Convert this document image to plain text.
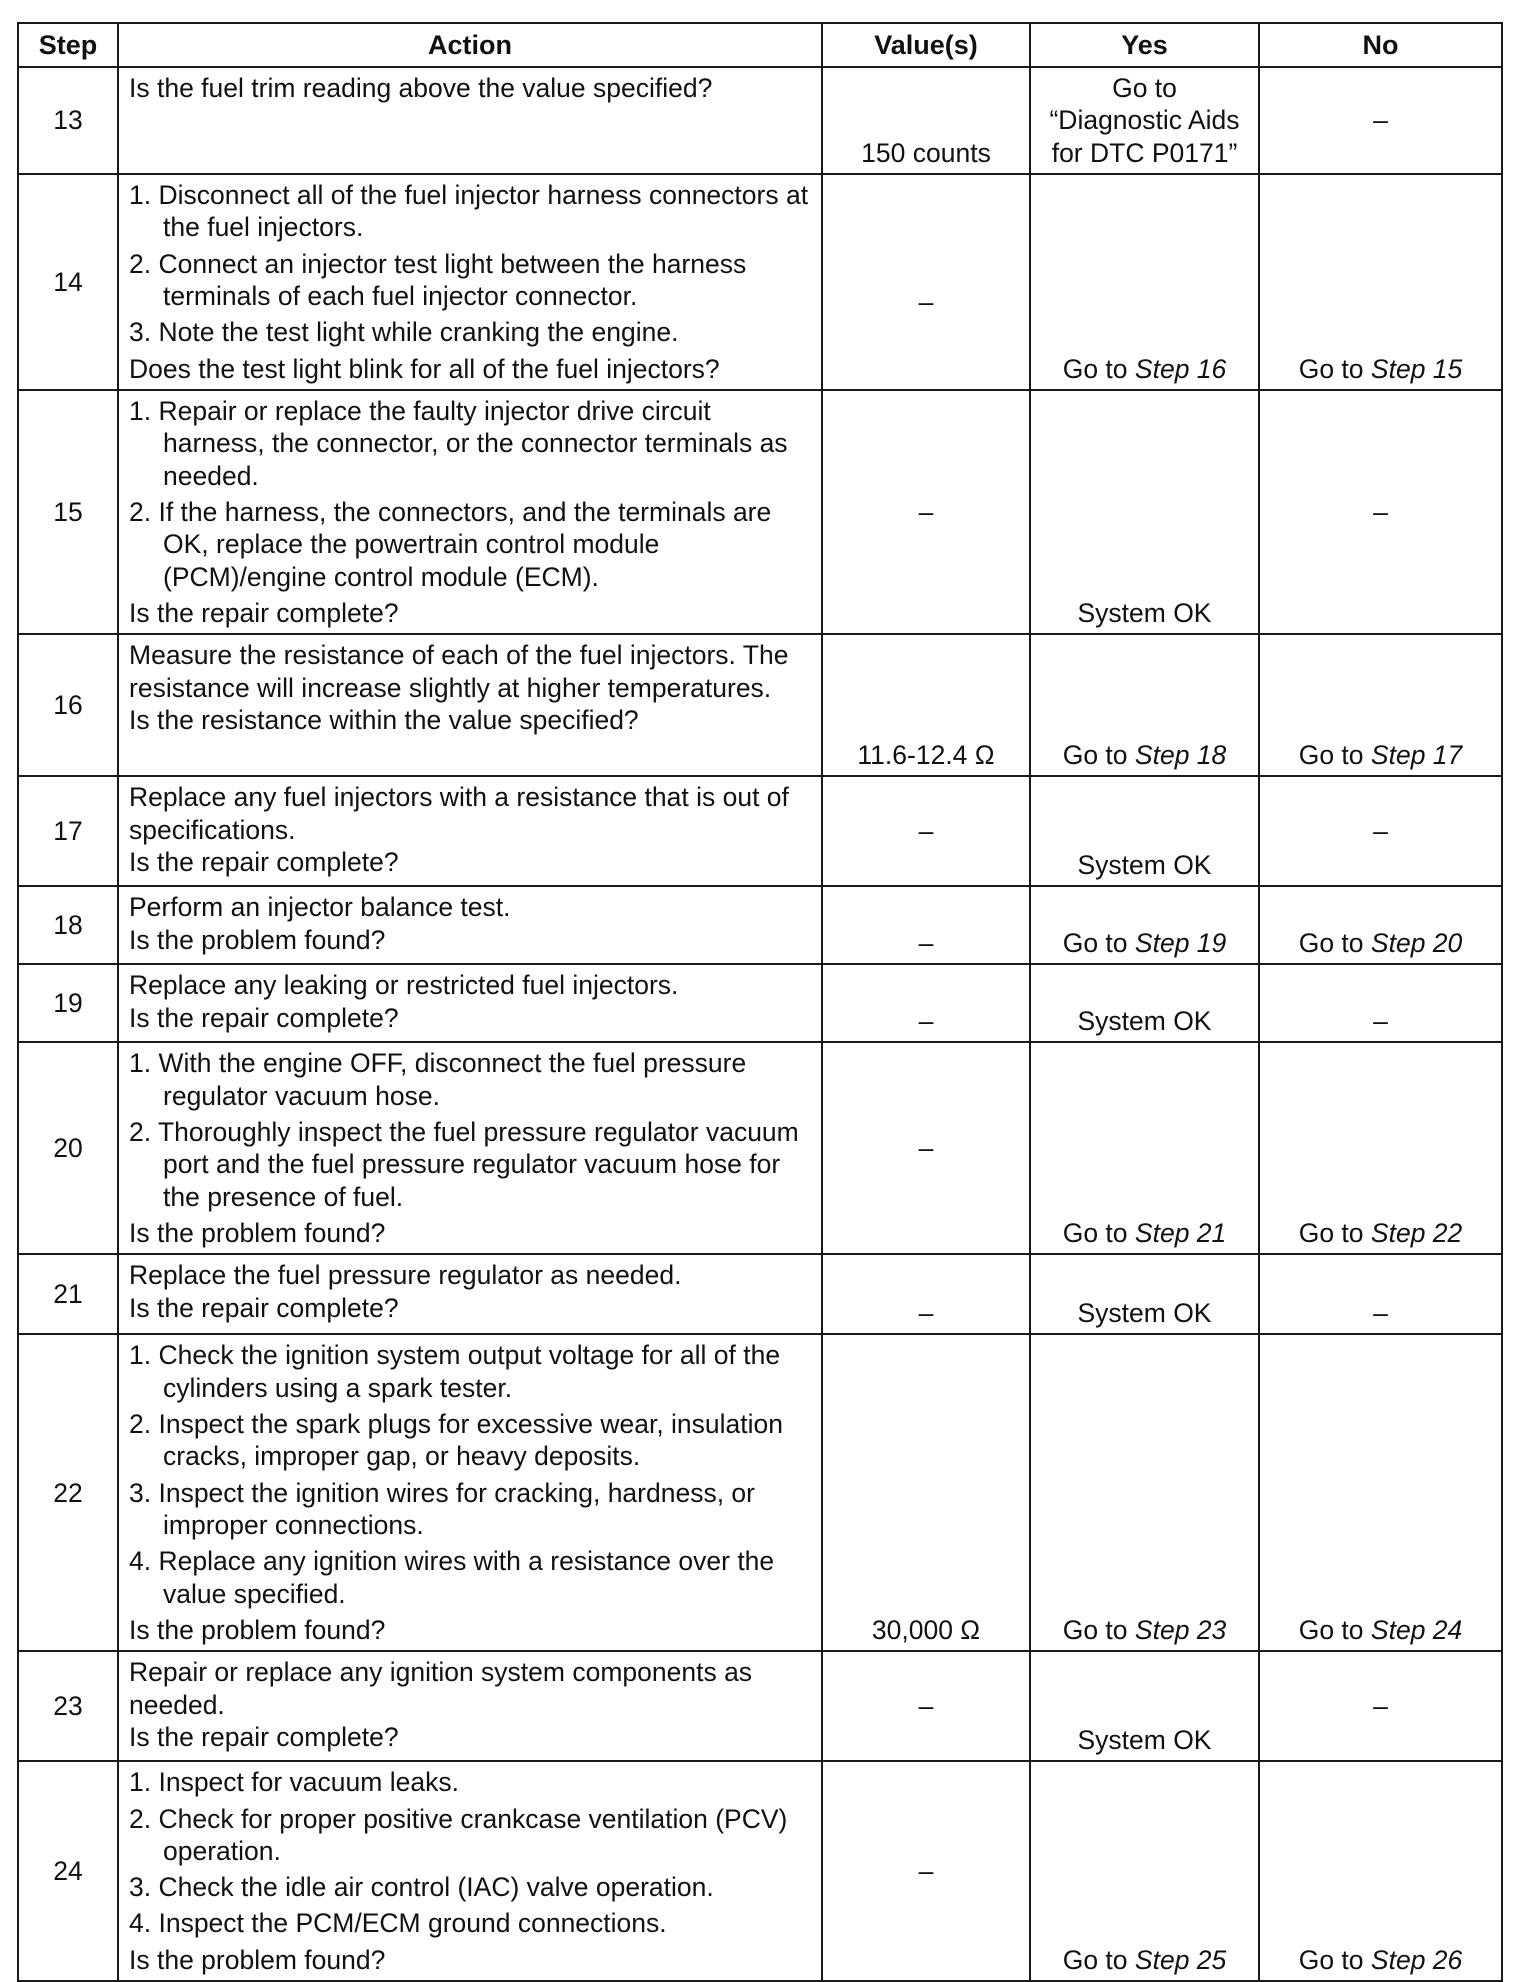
Step	Action	Value(s)	Yes	No
13	Is the fuel trim reading above the value specified?	150 counts	Go to
“Diagnostic Aids
for DTC P0171”	–
14	1. Disconnect all of the fuel injector harness connectors at the fuel injectors.
2. Connect an injector test light between the harness terminals of each fuel injector connector.
3. Note the test light while cranking the engine.
Does the test light blink for all of the fuel injectors?	–	Go to Step 16	Go to Step 15
15	1. Repair or replace the faulty injector drive circuit harness, the connector, or the connector terminals as needed.
2. If the harness, the connectors, and the terminals are OK, replace the powertrain control module (PCM)/engine control module (ECM).
Is the repair complete?	–	System OK	–
16	Measure the resistance of each of the fuel injectors. The resistance will increase slightly at higher temperatures.
Is the resistance within the value specified?	11.6-12.4 Ω	Go to Step 18	Go to Step 17
17	Replace any fuel injectors with a resistance that is out of specifications.
Is the repair complete?	–	System OK	–
18	Perform an injector balance test.
Is the problem found?	–	Go to Step 19	Go to Step 20
19	Replace any leaking or restricted fuel injectors.
Is the repair complete?	–	System OK	–
20	1. With the engine OFF, disconnect the fuel pressure regulator vacuum hose.
2. Thoroughly inspect the fuel pressure regulator vacuum port and the fuel pressure regulator vacuum hose for the presence of fuel.
Is the problem found?	–	Go to Step 21	Go to Step 22
21	Replace the fuel pressure regulator as needed.
Is the repair complete?	–	System OK	–
22	1. Check the ignition system output voltage for all of the cylinders using a spark tester.
2. Inspect the spark plugs for excessive wear, insulation cracks, improper gap, or heavy deposits.
3. Inspect the ignition wires for cracking, hardness, or improper connections.
4. Replace any ignition wires with a resistance over the value specified.
Is the problem found?	30,000 Ω	Go to Step 23	Go to Step 24
23	Repair or replace any ignition system components as needed.
Is the repair complete?	–	System OK	–
24	1. Inspect for vacuum leaks.
2. Check for proper positive crankcase ventilation (PCV) operation.
3. Check the idle air control (IAC) valve operation.
4. Inspect the PCM/ECM ground connections.
Is the problem found?	–	Go to Step 25	Go to Step 26
